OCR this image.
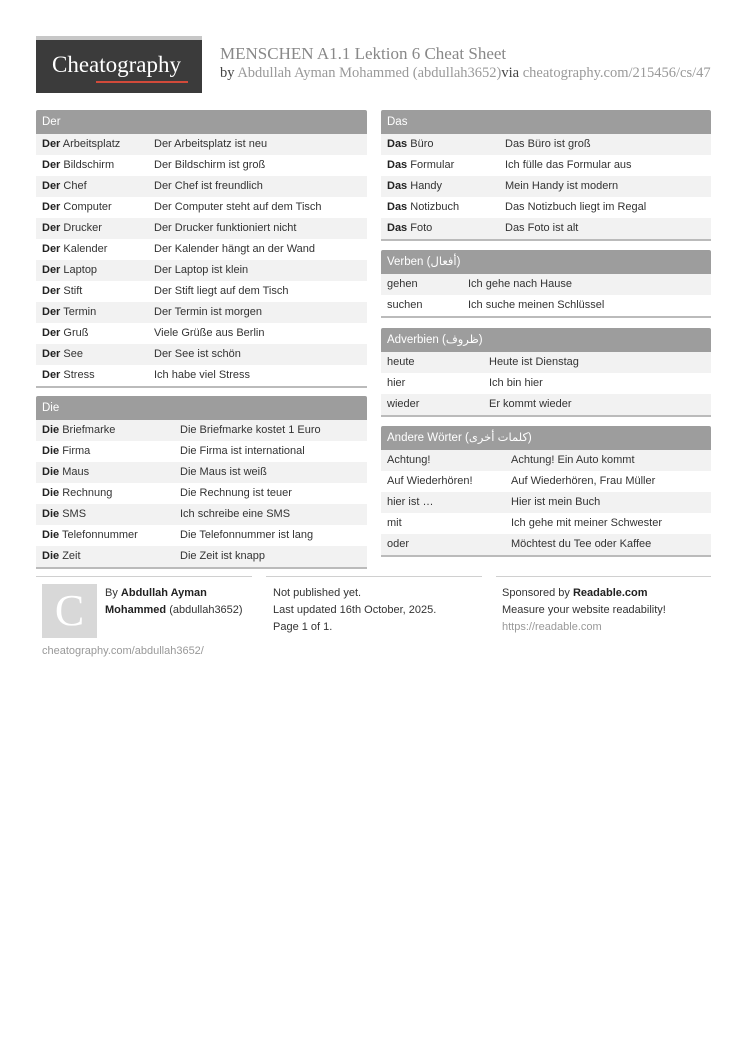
Cheatography MENSCHEN A1.1 Lektion 6 Cheat Sheet
by Abdullah Ayman Mohammed (abdullah3652)via cheatography.com/215456/cs/47
Der
Der Arbeitsplatz	Der Arbeitsplatz ist neu
Der Bildschirm	Der Bildschirm ist groß
Der Chef	Der Chef ist freundlich
Der Computer	Der Computer steht auf dem Tisch
Der Drucker	Der Drucker funktioniert nicht
Der Kalender	Der Kalender hängt an der Wand
Der Laptop	Der Laptop ist klein
Der Stift	Der Stift liegt auf dem Tisch
Der Termin	Der Termin ist morgen
Der Gruß	Viele Grüße aus Berlin
Der See	Der See ist schön
Der Stress	Ich habe viel Stress
Die
Die Briefmarke	Die Briefmarke kostet 1 Euro
Die Firma	Die Firma ist international
Die Maus	Die Maus ist weiß
Die Rechnung	Die Rechnung ist teuer
Die SMS	Ich schreibe eine SMS
Die Telefonnummer	Die Telefonnummer ist lang
Die Zeit	Die Zeit ist knapp
Das
Das Büro	Das Büro ist groß
Das Formular	Ich fülle das Formular aus
Das Handy	Mein Handy ist modern
Das Notizbuch	Das Notizbuch liegt im Regal
Das Foto	Das Foto ist alt
Verben (أفعال)
gehen	Ich gehe nach Hause
suchen	Ich suche meinen Schlüssel
Adverbien (ظروف)
heute	Heute ist Dienstag
hier	Ich bin hier
wieder	Er kommt wieder
Andere Wörter (كلمات أخرى)
Achtung!	Achtung! Ein Auto kommt
Auf Wiederhören!	Auf Wiederhören, Frau Müller
hier ist …	Hier ist mein Buch
mit	Ich gehe mit meiner Schwester
oder	Möchtest du Tee oder Kaffee
C	By Abdullah Ayman
Mohammed (abdullah3652)
Not published yet.
Last updated 16th October, 2025.
Page 1 of 1.
Sponsored by Readable.com
Measure your website readability!
https://readable.com
cheatography.com/abdullah3652/
